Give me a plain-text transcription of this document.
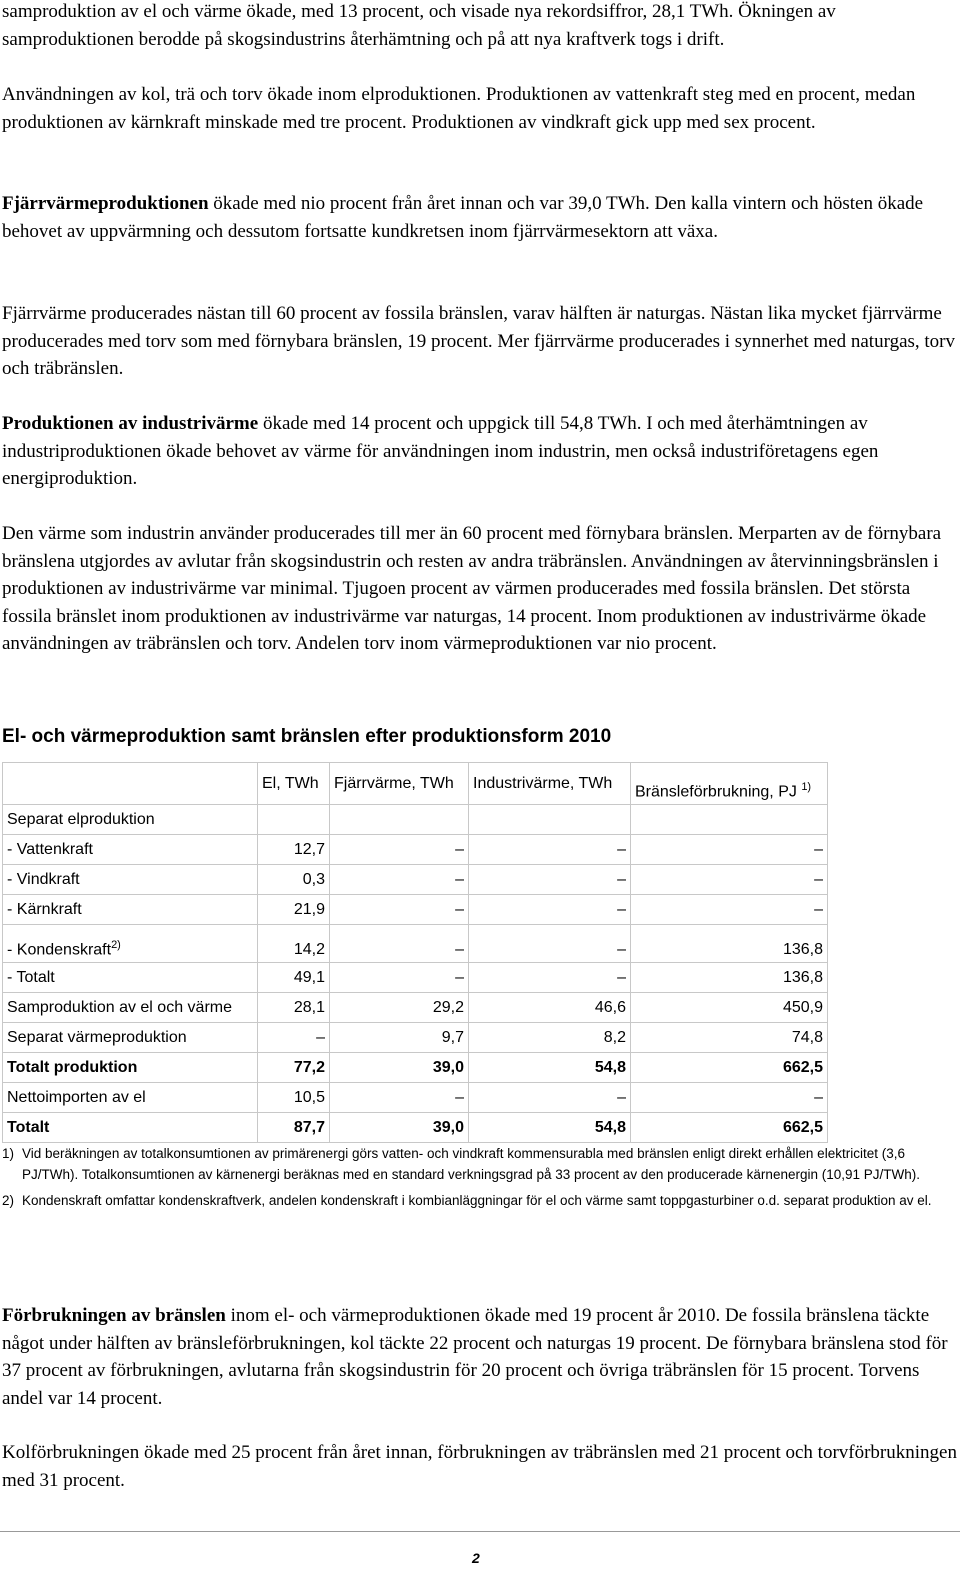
samproduktion av el och värme ökade, med 13 procent, och visade nya rekordsiffror, 28,1 TWh. Ökningen av samproduktionen berodde på skogsindustrins återhämtning och på att nya kraftverk togs i drift.

Användningen av kol, trä och torv ökade inom elproduktionen. Produktionen av vattenkraft steg med en procent, medan produktionen av kärnkraft minskade med tre procent. Produktionen av vindkraft gick upp med sex procent.

Fjärrvärmeproduktionen ökade med nio procent från året innan och var 39,0 TWh. Den kalla vintern och hösten ökade behovet av uppvärmning och dessutom fortsatte kundkretsen inom fjärrvärmesektorn att växa.

Fjärrvärme producerades nästan till 60 procent av fossila bränslen, varav hälften är naturgas. Nästan lika mycket fjärrvärme producerades med torv som med förnybara bränslen, 19 procent. Mer fjärrvärme producerades i synnerhet med naturgas, torv och träbränslen.

Produktionen av industrivärme ökade med 14 procent och uppgick till 54,8 TWh. I och med återhämtningen av industriproduktionen ökade behovet av värme för användningen inom industrin, men också industriföretagens egen energiproduktion.

Den värme som industrin använder producerades till mer än 60 procent med förnybara bränslen. Merparten av de förnybara bränslena utgjordes av avlutar från skogsindustrin och resten av andra träbränslen. Användningen av återvinningsbränslen i produktionen av industrivärme var minimal. Tjugoen procent av värmen producerades med fossila bränslen. Det största fossila bränslet inom produktionen av industrivärme var naturgas, 14 procent. Inom produktionen av industrivärme ökade användningen av träbränslen och torv. Andelen torv inom värmeproduktionen var nio procent.

El- och värmeproduktion samt bränslen efter produktionsform 2010
	El, TWh	Fjärrvärme, TWh	Industrivärme, TWh	Bränsleförbrukning, PJ $^{1)}$
Separat elproduktion				
- Vattenkraft	12,7	–	–	–
- Vindkraft	0,3	–	–	–
- Kärnkraft	21,9	–	–	–
- Kondenskraft$^{2)}$	14,2	–	–	136,8
- Totalt	49,1	–	–	136,8
Samproduktion av el och värme	28,1	29,2	46,6	450,9
Separat värmeproduktion	–	9,7	8,2	74,8
Totalt produktion	77,2	39,0	54,8	662,5
Nettoimporten av el	10,5	–	–	–
Totalt	87,7	39,0	54,8	662,5
1) Vid beräkningen av totalkonsumtionen av primärenergi görs vatten- och vindkraft kommensurabla med bränslen enligt direkt erhållen elektricitet (3,6 PJ/TWh). Totalkonsumtionen av kärnenergi beräknas med en standard verkningsgrad på 33 procent av den producerade kärnenergin (10,91 PJ/TWh).
2) Kondenskraft omfattar kondenskraftverk, andelen kondenskraft i kombianläggningar för el och värme samt toppgasturbiner o.d. separat produktion av el.

Förbrukningen av bränslen inom el- och värmeproduktionen ökade med 19 procent år 2010. De fossila bränslena täckte något under hälften av bränsleförbrukningen, kol täckte 22 procent och naturgas 19 procent. De förnybara bränslena stod för 37 procent av förbrukningen, avlutarna från skogsindustrin för 20 procent och övriga träbränslen för 15 procent. Torvens andel var 14 procent.

Kolförbrukningen ökade med 25 procent från året innan, förbrukningen av träbränslen med 21 procent och torvförbrukningen med 31 procent.

2
